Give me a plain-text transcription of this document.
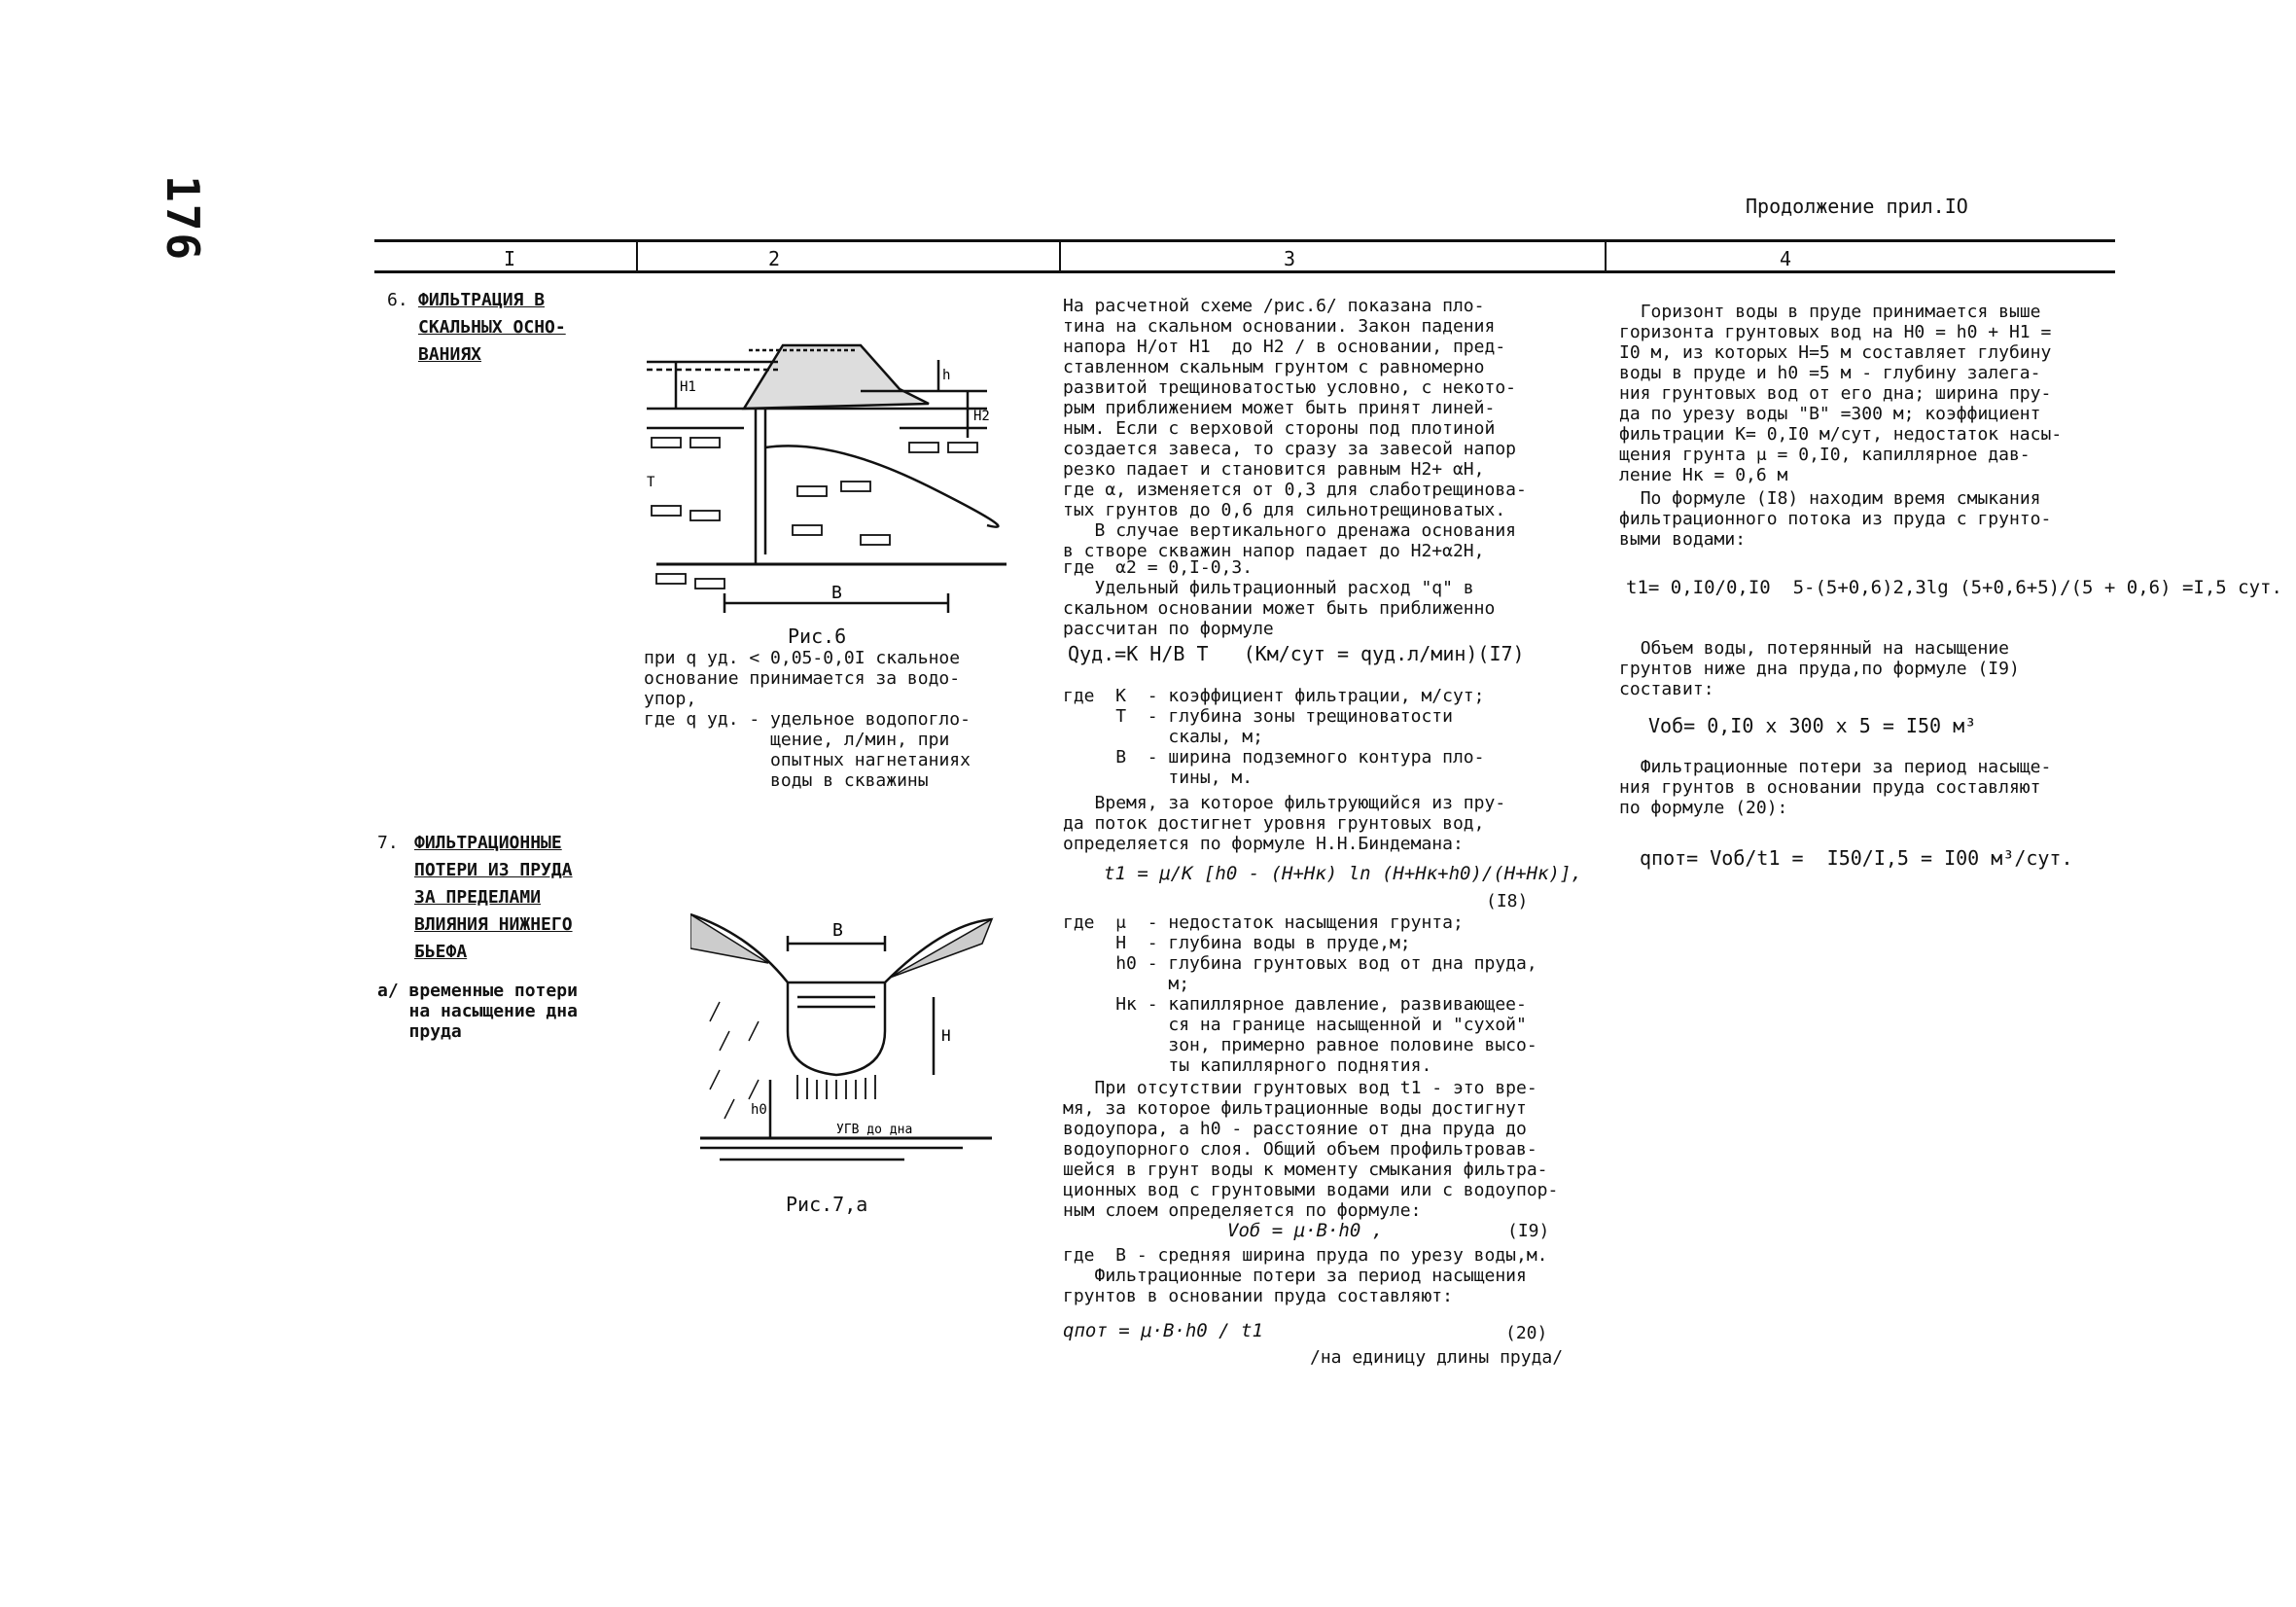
176	Продолжение прил.IO
I	2	3	4
6. ФИЛЬТРАЦИЯ В
СКАЛЬНЫХ ОСНО-
ВАНИЯХ
7. ФИЛЬТРАЦИОННЫЕ
ПОТЕРИ ИЗ ПРУДА
ЗА ПРЕДЕЛАМИ
ВЛИЯНИЯ НИЖНЕГО
БЬЕФА
а/ временные потери
на насыщение дна
пруда
В
H1
H2
T
h
Рис.6
при q уд. < 0,05-0,0I скальное
основание принимается за водо-
упор,
где q уд. - удельное водопогло-
щение, л/мин, при
опытных нагнетаниях
воды в скважины
В
H
h0
УГВ до дна
Рис.7,а
На расчетной схеме /рис.6/ показана пло-
тина на скальном основании. Закон падения
напора Н/от Н1  до Н2 / в основании, пред-
ставленном скальным грунтом с равномерно
развитой трещиноватостью условно, с некото-
рым приближением может быть принят линей-
ным. Если с верховой стороны под плотиной
создается завеса, то сразу за завесой напор
резко падает и становится равным Н2+ αН,
где α, изменяется от 0,3 для слаботрещинова-
тых грунтов до 0,6 для сильнотрещиноватых.
В случае вертикального дренажа основания
в створе скважин напор падает до Н2+α2Н,
где  α2 = 0,I-0,3.
Удельный фильтрационный расход "q" в
скальном основании может быть приближенно
рассчитан по формуле
Qуд.=К Н/В Т   (Км/сут = qуд.л/мин)(I7)
где  К  - коэффициент фильтрации, м/сут;
Т  - глубина зоны трещиноватости
скалы, м;
В  - ширина подземного контура пло-
тины, м.
Время, за которое фильтрующийся из пру-
да поток достигнет уровня грунтовых вод,
определяется по формуле Н.Н.Биндемана:
t1 = μ/K [h0 - (H+Hк) ln (H+Hк+h0)/(H+Hк)],
(I8)
где  μ  - недостаток насыщения грунта;
H  - глубина воды в пруде,м;
h0 - глубина грунтовых вод от дна пруда,
м;
Hк - капиллярное давление, развивающее-
ся на границе насыщенной и "сухой"
зон, примерно равное половине высо-
ты капиллярного поднятия.
При отсутствии грунтовых вод t1 - это вре-
мя, за которое фильтрационные воды достигнут
водоупора, а h0 - расстояние от дна пруда до
водоупорного слоя. Общий объем профильтровав-
шейся в грунт воды к моменту смыкания фильтра-
ционных вод с грунтовыми водами или с водоупор-
ным слоем определяется по формуле:
Vоб = μ·В·h0 ,	(I9)
где  В - средняя ширина пруда по урезу воды,м.
Фильтрационные потери за период насыщения
грунтов в основании пруда составляют:
qпот = μ·В·h0 / t1	(20)
/на единицу длины пруда/
Горизонт воды в пруде принимается выше
горизонта грунтовых вод на Н0 = h0 + Н1 =
I0 м, из которых Н=5 м составляет глубину
воды в пруде и h0 =5 м - глубину залега-
ния грунтовых вод от его дна; ширина пру-
да по урезу воды "В" =300 м; коэффициент
фильтрации К= 0,I0 м/сут, недостаток насы-
щения грунта μ = 0,I0, капиллярное дав-
ление Нк = 0,6 м
По формуле (I8) находим время смыкания
фильтрационного потока из пруда с грунто-
выми водами:
t1= 0,I0/0,I0  5-(5+0,6)2,3lg (5+0,6+5)/(5 + 0,6) =I,5 сут.
Объем воды, потерянный на насыщение
грунтов ниже дна пруда,по формуле (I9)
составит:
Vоб= 0,I0 x 300 x 5 = I50 м³
Фильтрационные потери за период насыще-
ния грунтов в основании пруда составляют
по формуле (20):
qпот= Vоб/t1 =  I50/I,5 = I00 м³/сут.
